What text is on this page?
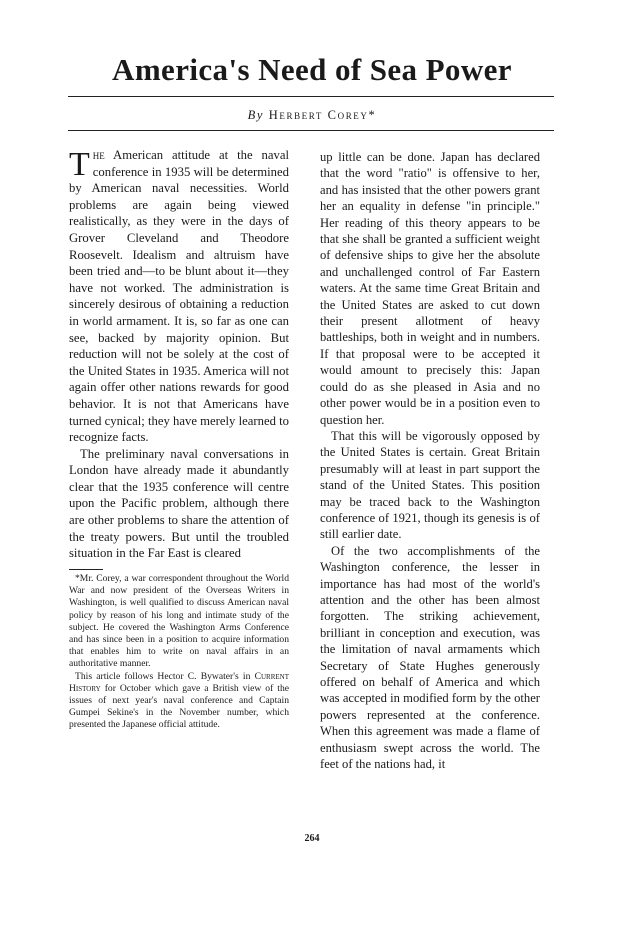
America's Need of Sea Power
By Herbert Corey*

The American attitude at the naval conference in 1935 will be determined by American naval necessities. World problems are again being viewed realistically, as they were in the days of Grover Cleveland and Theodore Roosevelt. Idealism and altruism have been tried and—to be blunt about it—they have not worked. The administration is sincerely desirous of obtaining a reduction in world armament. It is, so far as one can see, backed by majority opinion. But reduction will not be solely at the cost of the United States in 1935. America will not again offer other nations rewards for good behavior. It is not that Americans have turned cynical; they have merely learned to recognize facts.

The preliminary naval conversations in London have already made it abundantly clear that the 1935 conference will centre upon the Pacific problem, although there are other problems to share the attention of the treaty powers. But until the troubled situation in the Far East is cleared

*Mr. Corey, a war correspondent throughout the World War and now president of the Overseas Writers in Washington, is well qualified to discuss American naval policy by reason of his long and intimate study of the subject. He covered the Washington Arms Conference and has since been in a position to acquire information that enables him to write on naval affairs in an authoritative manner.

This article follows Hector C. Bywater's in Current History for October which gave a British view of the issues of next year's naval conference and Captain Gumpei Sekine's in the November number, which presented the Japanese official attitude.

up little can be done. Japan has declared that the word "ratio" is offensive to her, and has insisted that the other powers grant her an equality in defense "in principle." Her reading of this theory appears to be that she shall be granted a sufficient weight of defensive ships to give her the absolute and unchallenged control of Far Eastern waters. At the same time Great Britain and the United States are asked to cut down their present allotment of heavy battleships, both in weight and in numbers. If that proposal were to be accepted it would amount to precisely this: Japan could do as she pleased in Asia and no other power would be in a position even to question her.

That this will be vigorously opposed by the United States is certain. Great Britain presumably will at least in part support the stand of the United States. This position may be traced back to the Washington conference of 1921, though its genesis is of still earlier date.

Of the two accomplishments of the Washington conference, the lesser in importance has had most of the world's attention and the other has been almost forgotten. The striking achievement, brilliant in conception and execution, was the limitation of naval armaments which Secretary of State Hughes generously offered on behalf of America and which was accepted in modified form by the other powers represented at the conference. When this agreement was made a flame of enthusiasm swept across the world. The feet of the nations had, it

264
